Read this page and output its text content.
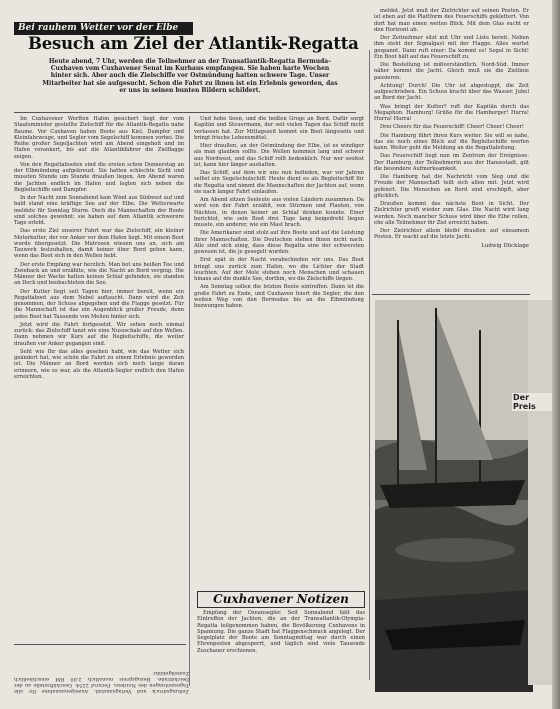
Bei rauhem Wetter vor der Elbe
Besuch am Ziel der Atlantik-Regatta
Heute abend, 7 Uhr, werden die Teilnehmer an der Transatlantik-Regatta Bermuda–Cuxhaven vom Cuxhavener Senat im Kurhaus empfangen. Sie haben harte Wochen hinter sich. Aber auch die Zielschiffe vor Ostmündung hatten schwere Tage. Unser Mitarbeiter hat sie aufgesucht. Schon die Fahrt zu ihnen ist ein Erlebnis geworden, das er uns in seinen bunten Bildern schildert.

Im Cuxhavener Werften Hafen gesichert liegt der vom Staatsminister gestellte Zielschiff für die Atlantik-Regatta nahe Baume. Vor Cuxhaven haben Boote aus Kiel, Dampfer und Kleinfahrzeuge, und Segler vom Segelschiff kommen vorbei. Die Reihe großer Segeljachten wird am Abend eingeholt und im Hafen verankert, bis auf die Atlantikfahrer die Zielflagge zeigen.

Von den Regattabooten sind die ersten schon Donnerstag an der Elbmündung aufgekreuzt. Sie hatten schlechte Sicht und mussten Stunde um Stunde draußen liegen. Am Abend waren die Jachten endlich im Hafen und legten sich neben die Begleitschiffe und Dampfer.

In der Nacht zum Sonnabend kam Wind aus Südwest auf und bald stand eine kräftige See auf der Elbe. Die Wetterwarte meldete für Sonntag Sturm. Doch die Mannschaften der Boote sind solches gewohnt: sie haben auf dem Atlantik schwerere Tage erlebt.

Das erste Ziel unserer Fahrt war das Zielschiff, ein kleiner Motorkutter, der vor Anker vor dem Hafen liegt. Mit einem Boot wurde übergesetzt. Die Matrosen wiesen uns an, sich am Tauwerk festzuhalten, damit keiner über Bord gehen kann, wenn das Boot sich in den Wellen hebt.

Der erste Empfang war herzlich. Man bot uns heißen Tee und Zwieback an und erzählte, wie die Nacht an Bord verging. Die Männer der Wache hatten keinen Schlaf gefunden, sie standen an Deck und beobachteten die See.

Der Kutter liegt seit Tagen hier, immer bereit, wenn ein Regattaboot aus dem Nebel auftaucht. Dann wird die Zeit genommen, der Schuss abgegeben und die Flagge gesetzt. Für die Mannschaft ist das ein Augenblick großer Freude, denn jedes Boot hat Tausende von Meilen hinter sich.

Jetzt wird die Fahrt fortgesetzt. Wir sehen noch einmal zurück: das Zielschiff tanzt wie eine Nussschale auf den Wellen. Dann nehmen wir Kurs auf die Begleitschiffe, die weiter draußen vor Anker gegangen sind.

Seht wie Ihr das alles gesehen habt, wie das Wetter sich geändert hat, wie schön die Fahrt zu einem Erlebnis geworden ist. Die Männer an Bord werden sich noch lange daran erinnern, wie es war, als die Atlantik-Segler endlich den Hafen erreichten.

Und hohe Seen, und die heißen Grogs an Bord. Dafür sorgt Kapitän und Steuermann, der seit vielen Tagen das Schiff nicht verlassen hat. Zur Mittagszeit kommt ein Boot längsseits und bringt frische Lebensmittel.

Hier draußen, an der Ostmündung der Elbe, ist es windiger als man glauben sollte. Die Wellen kommen lang und schwer aus Nordwest, und das Schiff rollt bedenklich. Nur wer seefest ist, kann hier länger aushalten.

Das Schiff, auf dem wir uns nun befinden, war vor Jahren selbst ein Segelschulschiff. Heute dient es als Begleitschiff für die Regatta und nimmt die Mannschaften der Jachten auf, wenn sie nach langer Fahrt einlaufen.

Am Abend sitzen Seeleute aus vielen Ländern zusammen. Da wird von der Fahrt erzählt, von Stürmen und Flauten, von Nächten, in denen keiner an Schlaf denken konnte. Einer berichtet, wie sein Boot drei Tage lang beigedreht liegen musste, ein anderer, wie ein Mast brach.

Die Amerikaner sind stolz auf ihre Boote und auf die Leistung ihrer Mannschaften. Die Deutschen stehen ihnen nicht nach. Alle sind sich einig, dass diese Regatta eine der schwersten gewesen ist, die je gesegelt wurden.

Erst spät in der Nacht verabschieden wir uns. Das Boot bringt uns zurück zum Hafen, wo die Lichter der Stadt leuchten. Auf der Mole stehen noch Menschen und schauen hinaus auf die dunkle See, dorthin, wo die Zielschiffe liegen.

Am Sonntag sollen die letzten Boote eintreffen. Dann ist die große Fahrt zu Ende, und Cuxhaven feiert die Segler, die den weiten Weg von den Bermudas bis an die Elbmündung bezwungen haben.

meldet. Jetzt muß der Zielrichter auf seinen Posten. Er ist eben auf die Plattform des Feuerschiffs geklettert. Von dort hat man einen weiten Blick. Mit dem Glas sucht er den Horizont ab.

Der Zeitnehmer sitzt mit Uhr und Liste bereit. Neben ihm steht der Signalgast mit der Flagge. Alles wartet gespannt. Dann ruft einer: Da kommt es! Segel in Sicht! Ein Boot hält auf das Feuerschiff zu.

Die Bestellung ist mißverständlich. Nord-Süd. Immer näher kommt die Jacht. Gleich muß sie die Ziellinie passieren.

Achtung! Durch! Die Uhr ist abgestoppt, die Zeit aufgeschrieben. Ein Schuss kracht über das Wasser. Jubel an Bord der Jacht.

Was bringt der Kutter? ruft der Kapitän durch das Megaphon. Hamburg! Grüße für die Hamburger! Hurra! Hurra! Hurra!

Drei Cheers für das Feuerschiff! Cheer! Cheer! Cheer!

Die Hamburg fährt ihren Kurs weiter. Sie will so nahe, das sie noch eines Blick auf die Begleitschiffe werfen kann. Weiter geht die Meldung an die Regattaleitung.

Das Feuerschiff liegt nun im Zentrum der Ereignisse. Der Hamburg, der Teilnehmerin aus der Hansestadt, gilt die besondere Aufmerksamkeit.

Die Hamburg hat die Nachricht vom Sieg und die Freude der Mannschaft teilt sich allen mit. Jetzt wird gefeiert. Die Menschen an Bord sind erschöpft, aber glücklich.

Draußen kommt das nächste Boot in Sicht. Der Zielrichter greift wieder zum Glas. Die Nacht wird lang werden. Noch mancher Schuss wird über die Elbe rollen, ehe alle Teilnehmer ihr Ziel erreicht haben.

Der Zielrichter allein bleibt draußen auf einsamem Posten. Er wacht auf die letzte Jacht.

Ludwig Dücklage
Der Preis
Cuxhavener Notizen

Empfang der Ozeansegler. Seit Sonnabend hält das Eintreffen der Jachten, die an der Transatlantik-Olympia-Regatta teilgenommen haben, die Bevölkerung Cuxhavens in Spannung. Die ganze Stadt hat Flaggenschmuck angelegt. Der Segelplatz der Boote am Sonntagmittag war durch einen Ehrenposten abgesperrt, und täglich sind viele Tausende Zuschauer erschienen.

Zeitungsdruck und Verlagsanstalt. Anzeigenannahme für alle Tageszeitungen des Nordens. Fernruf 2254. Geschäftsstelle an der Deichstraße. Bezugspreis monatlich 2,00 RM einschließlich Zustellgebühr.
